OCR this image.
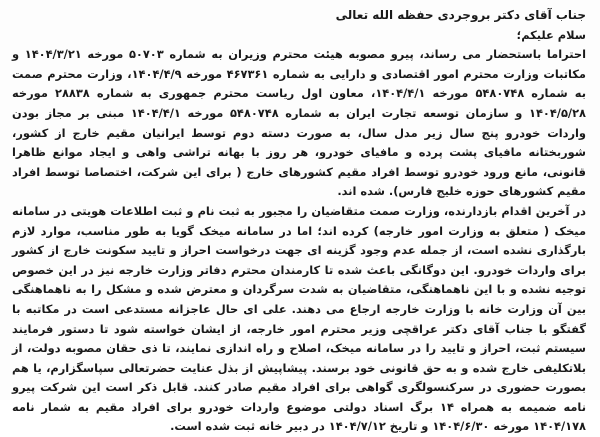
جناب آقای دکتر بروجردی حفظه الله تعالی

سلام علیکم؛

احتراما باستحضار می رساند، پیرو مصوبه هیئت محترم وزیران به شماره ۵۰۷۰۳ مورخه ۱۴۰۴/۳/۲۱ و مکاتبات وزارت محترم امور اقتصادی و دارایی به شماره ۴۶۷۳۶۱ مورخه ۱۴۰۴/۴/۹، وزارت محترم صمت به شماره ۵۴۸۰۷۴۸ مورخه ۱۴۰۴/۴/۱، معاون اول ریاست محترم جمهوری به شماره ۲۸۸۳۸ مورخه ۱۴۰۴/۵/۲۸ و سازمان توسعه تجارت ایران به شماره ۵۴۸۰۷۴۸ مورخه ۱۴۰۴/۴/۱ مبنی بر مجاز بودن واردات خودرو پنج سال زیر مدل سال، به صورت دسته دوم توسط ایرانیان مقیم خارج از کشور، شوربختانه مافیای پشت پرده و مافیای خودرو، هر روز با بهانه تراشی واهی و ایجاد موانع ظاهرا قانونی، مانع ورود خودرو توسط افراد مقیم کشورهای خارج ( برای این شرکت، اختصاصا توسط افراد مقیم کشورهای حوزه خلیج فارس). شده اند.

در آخرین اقدام بازدارنده، وزارت صمت متقاضیان را مجبور به ثبت نام و ثبت اطلاعات هویتی در سامانه میخک ( متعلق به وزارت امور خارجه) کرده اند؛ اما در سامانه میخک گویا به طور مناسب، موارد لازم بارگذاری نشده است، از جمله عدم وجود گزینه ای جهت درخواست احراز و تایید سکونت خارج از کشور برای واردات خودرو. این دوگانگی باعث شده تا کارمندان محترم دفاتر وزارت خارجه نیز در این خصوص توجیه نشده و با این ناهماهنگی، متقاضیان به شدت سرگردان و معترض شده و مشکل را به ناهماهنگی بین آن وزارت خانه با وزارت خارجه ارجاع می دهند. علی ای حال عاجزانه مستدعی است در مکاتبه با گفتگو با جناب آقای دکتر عراقچی وزیر محترم امور خارجه، از ایشان خواسته شود تا دستور فرمایند سیستم ثبت، احراز و تایید را در سامانه میخک، اصلاح و راه اندازی نمایند، تا ذی حقان مصوبه دولت، از بلاتکلیفی خارج شده و به حق قانونی خود برسند. پیشاپیش از بذل عنایت حضرتعالی سپاسگزارم، یا هم بصورت حضوری در سرکنسولگری گواهی برای افراد مقیم صادر کنند. قابل ذکر است این شرکت پیرو نامه ضمیمه به همراه ۱۴ برگ اسناد دولتی موضوع واردات خودرو برای افراد مقیم به شمار نامه ۱۴۰۴/۱۷۸ مورخه ۱۴۰۴/۶/۳۰ و تاریخ ۱۴۰۴/۷/۱۲ در دبیر خانه ثبت شده است.
